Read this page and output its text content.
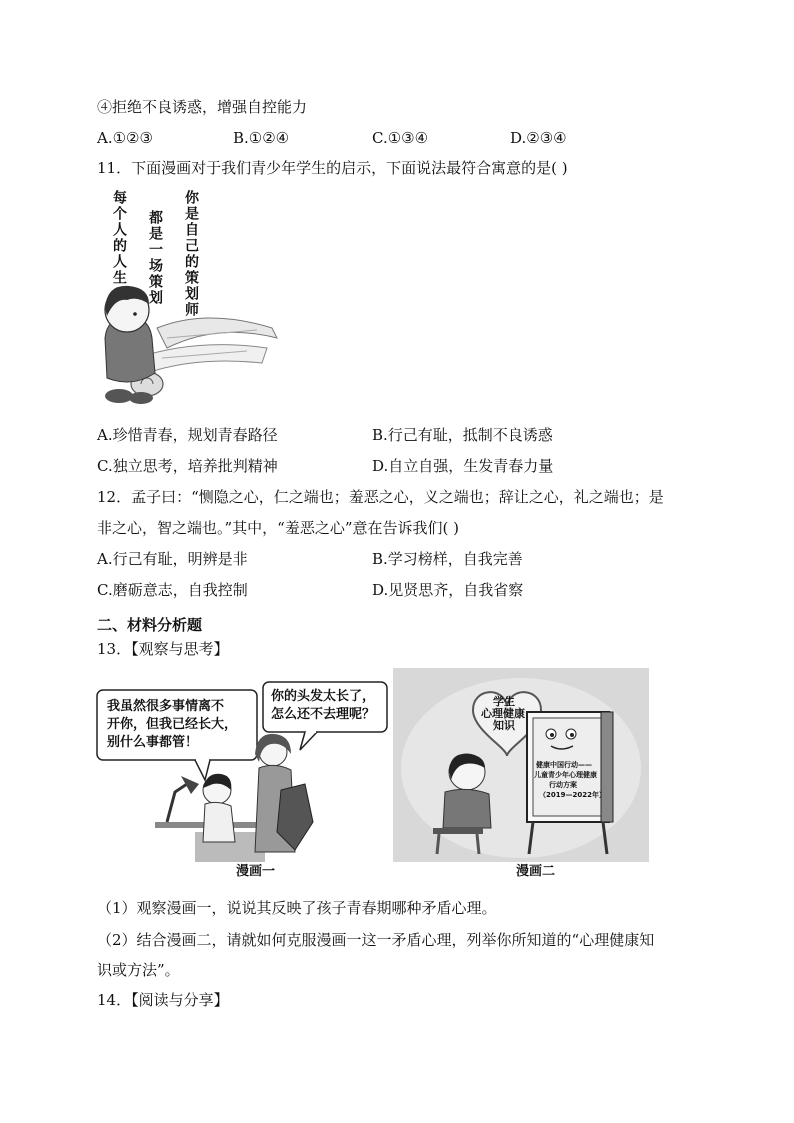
④拒绝不良诱惑，增强自控能力
A.①②③	B.①②④	C.①③④	D.②③④
11．下面漫画对于我们青少年学生的启示，下面说法最符合寓意的是( )
每个人的人生 都是一场策划 你是自己的策划师
A.珍惜青春，规划青春路径	B.行己有耻，抵制不良诱惑
C.独立思考，培养批判精神	D.自立自强，生发青春力量
12．孟子曰：“恻隐之心，仁之端也；羞恶之心，义之端也；辞让之心，礼之端也；是
非之心，智之端也。”其中，“羞恶之心”意在告诉我们( )
A.行己有耻，明辨是非	B.学习榜样，自我完善
C.磨砺意志，自我控制	D.见贤思齐，自我省察
二、材料分析题
13．【观察与思考】
我虽然很多事情离不
开你，但我已经长大，
别什么事都管！
你的头发太长了，
怎么还不去理呢？
漫画一
学生
心理健康
知识
健康中国行动——
儿童青少年心理健康
行动方案
（2019—2022年）
漫画二
（1）观察漫画一，说说其反映了孩子青春期哪种矛盾心理。
（2）结合漫画二，请就如何克服漫画一这一矛盾心理，列举你所知道的“心理健康知
识或方法”。
14．【阅读与分享】
